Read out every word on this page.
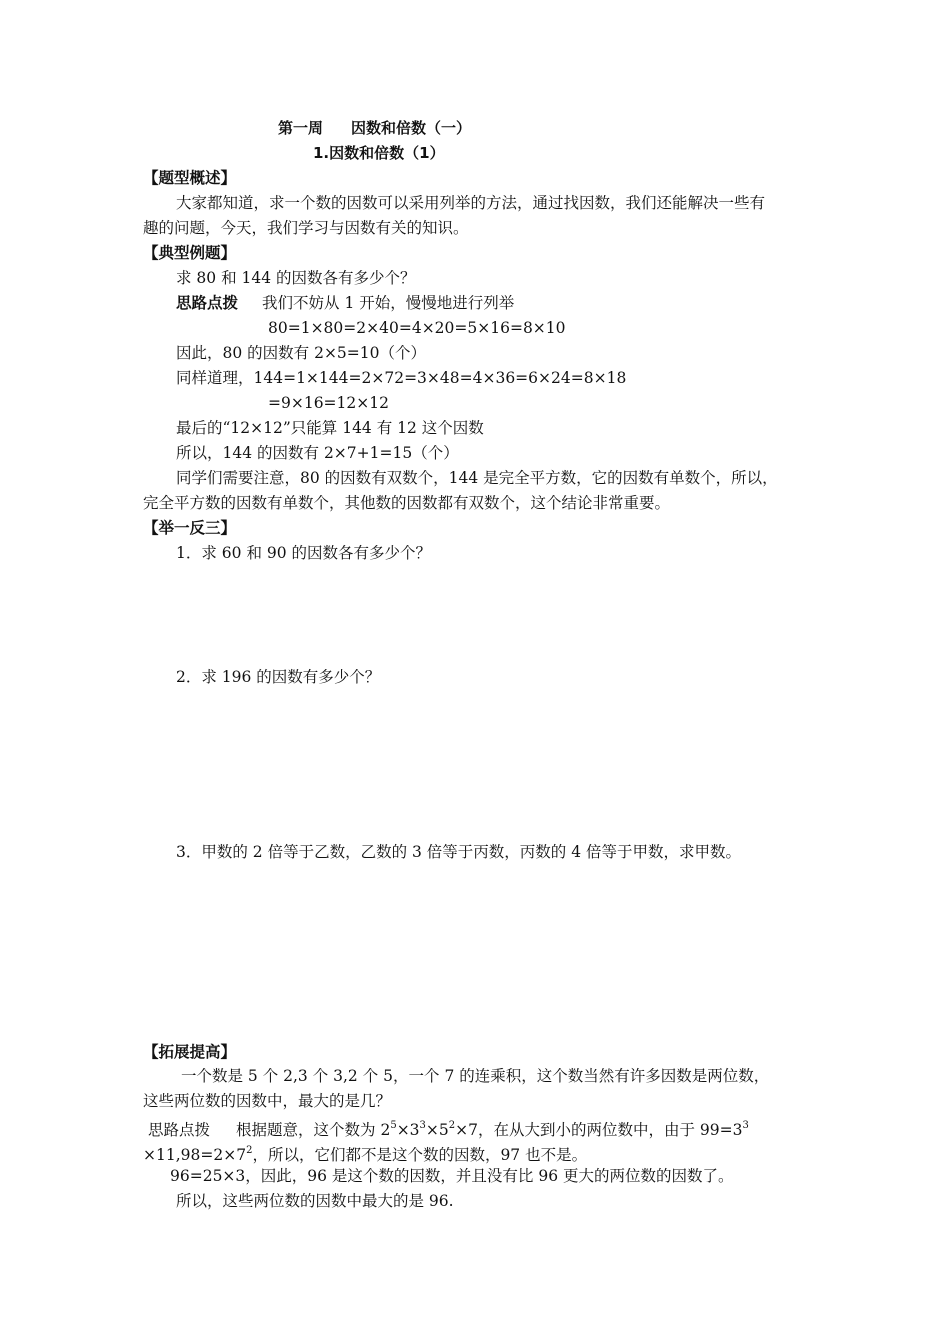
第一周 因数和倍数（一）
1.因数和倍数（1）
【题型概述】
大家都知道，求一个数的因数可以采用列举的方法，通过找因数，我们还能解决一些有
趣的问题，今天，我们学习与因数有关的知识。
【典型例题】
求 80 和 144 的因数各有多少个？
思路点拨 我们不妨从 1 开始，慢慢地进行列举
80=1×80=2×40=4×20=5×16=8×10
因此，80 的因数有 2×5=10（个）
同样道理，144=1×144=2×72=3×48=4×36=6×24=8×18
=9×16=12×12
最后的“12×12”只能算 144 有 12 这个因数
所以，144 的因数有 2×7+1=15（个）
同学们需要注意，80 的因数有双数个，144 是完全平方数，它的因数有单数个，所以，
完全平方数的因数有单数个，其他数的因数都有双数个，这个结论非常重要。
【举一反三】
1．求 60 和 90 的因数各有多少个？
2．求 196 的因数有多少个？
3．甲数的 2 倍等于乙数，乙数的 3 倍等于丙数，丙数的 4 倍等于甲数，求甲数。
【拓展提高】
一个数是 5 个 2,3 个 3,2 个 5，一个 7 的连乘积，这个数当然有许多因数是两位数，
这些两位数的因数中，最大的是几？
思路点拨 根据题意，这个数为 $2^5\times 3^3\times 5^2\times 7$，在从大到小的两位数中，由于 $99=3^3$
$\times 11,98=2\times 7^2$，所以，它们都不是这个数的因数，97 也不是。
96=25×3，因此，96 是这个数的因数，并且没有比 96 更大的两位数的因数了。
所以，这些两位数的因数中最大的是 96.
